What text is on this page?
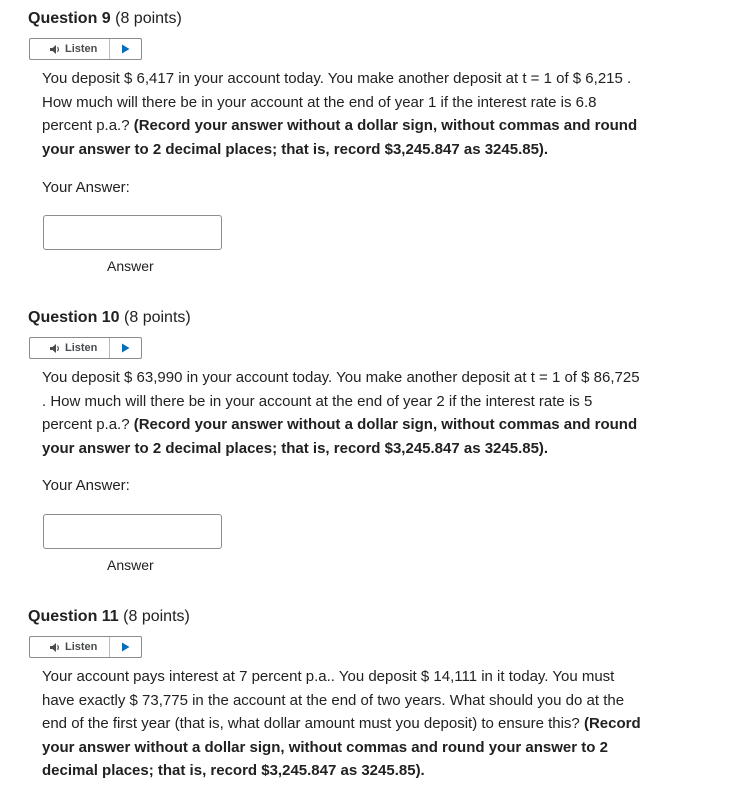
Question 9 (8 points)
Listen
You deposit $ 6,417 in your account today. You make another deposit at t = 1 of $ 6,215 . How much will there be in your account at the end of year 1 if the interest rate is 6.8 percent p.a.? (Record your answer without a dollar sign, without commas and round your answer to 2 decimal places; that is, record $3,245.847 as 3245.85).
Your Answer:
Answer
Question 10 (8 points)
Listen
You deposit $ 63,990 in your account today. You make another deposit at t = 1 of $ 86,725 . How much will there be in your account at the end of year 2 if the interest rate is 5 percent p.a.? (Record your answer without a dollar sign, without commas and round your answer to 2 decimal places; that is, record $3,245.847 as 3245.85).
Your Answer:
Answer
Question 11 (8 points)
Listen
Your account pays interest at 7 percent p.a.. You deposit $ 14,111 in it today. You must have exactly $ 73,775 in the account at the end of two years. What should you do at the end of the first year (that is, what dollar amount must you deposit) to ensure this? (Record your answer without a dollar sign, without commas and round your answer to 2 decimal places; that is, record $3,245.847 as 3245.85).
